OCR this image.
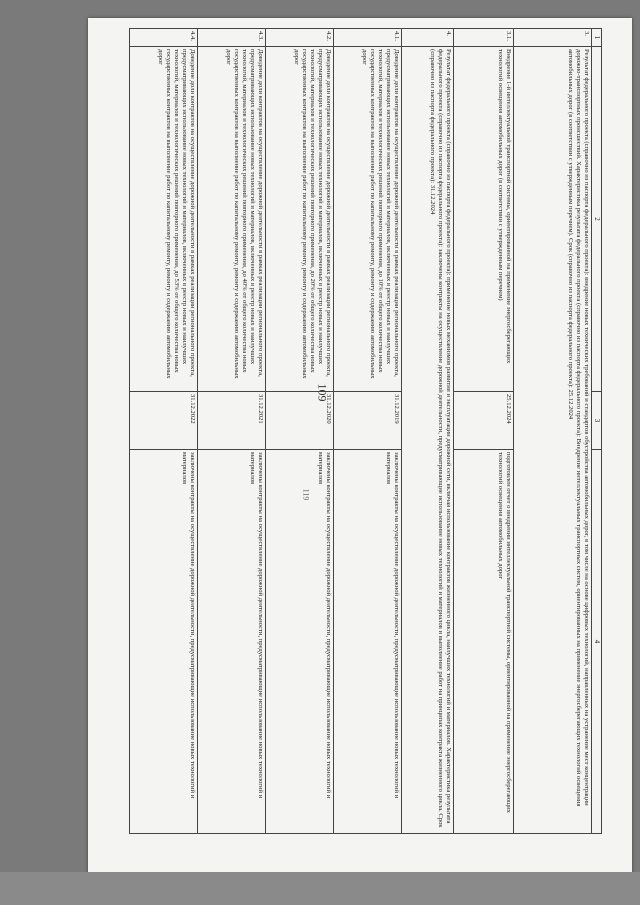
109
119
1	2	3	4
3.	Результат федерального проекта (справочно из паспорта федерального проекта): внедрение новых технических требований и стандартов обустройства автомобильных дорог, в том числе на основе цифровых технологий, направленных на устранение мест концентрации дорожно-транспортных происшествий. Характеристика результата федерального проекта (справочно из паспорта федерального проекта): Внедрение интеллектуальных транспортных систем, ориентированных на применение энергосберегающих технологий освещения автомобильных дорог (в соответствии с утвержденным перечнем). Срок (справочно из паспорта федерального проекта): 25.12.2024		
3.1.	Внедрение 1-й интеллектуальной транспортной системы, ориентированной на применение энергосберегающих технологий освещения автомобильных дорог (в соответствии с утвержденным перечнем)	25.12.2024	подготовлен отчет о внедрении интеллектуальной транспортной системы, ориентированной на применение энергосберегающих технологий освещения автомобильных дорог
4.	Результат федерального проекта (справочно из паспорта федерального проекта): применение новых механизмов развития и эксплуатации дорожной сети, включая использование контрактов жизненного цикла, наилучших технологий и материалов. Характеристика результата федерального проекта (справочно из паспорта федерального проекта): заключены контракты на осуществление дорожной деятельности, предусматривающие использование новых технологий и материалов и выполнение работ на принципах контракта жизненного цикла. Срок (справочно из паспорта федерального проекта): 31.12.2024		
4.1.	Доведение доли контрактов на осуществление дорожной деятельности в рамках реализации регионального проекта, предусматривающих использование новых технологий и материалов, включенных в реестр новых и наилучших технологий, материалов и технологических решений повторного применения, до 10% от общего количества новых государственных контрактов на выполнение работ по капитальному ремонту, ремонту и содержанию автомобильных дорог	31.12.2019	заключены контракты на осуществление дорожной деятельности, предусматривающие использование новых технологий и материалов
4.2.	Доведение доли контрактов на осуществление дорожной деятельности в рамках реализации регионального проекта, предусматривающих использование новых технологий и материалов, включенных в реестр новых и наилучших технологий, материалов и технологических решений повторного применения, до 20% от общего количества новых государственных контрактов на выполнение работ по капитальному ремонту, ремонту и содержанию автомобильных дорог	31.12.2020	заключены контракты на осуществление дорожной деятельности, предусматривающие использование новых технологий и материалов
4.3.	Доведение доли контрактов на осуществление дорожной деятельности в рамках реализации регионального проекта, предусматривающих использование новых технологий и материалов, включенных в реестр новых и наилучших технологий, материалов и технологических решений повторного применения, до 40% от общего количества новых государственных контрактов на выполнение работ по капитальному ремонту, ремонту и содержанию автомобильных дорог	31.12.2021	заключены контракты на осуществление дорожной деятельности, предусматривающие использование новых технологий и материалов
4.4.	Доведение доли контрактов на осуществление дорожной деятельности в рамках реализации регионального проекта, предусматривающих использование новых технологий и материалов, включенных в реестр новых и наилучших технологий, материалов и технологических решений повторного применения, до 53% от общего количества новых государственных контрактов на выполнение работ по капитальному ремонту, ремонту и содержанию автомобильных дорог	31.12.2022	заключены контракты на осуществление дорожной деятельности, предусматривающие использование новых технологий и материалов
